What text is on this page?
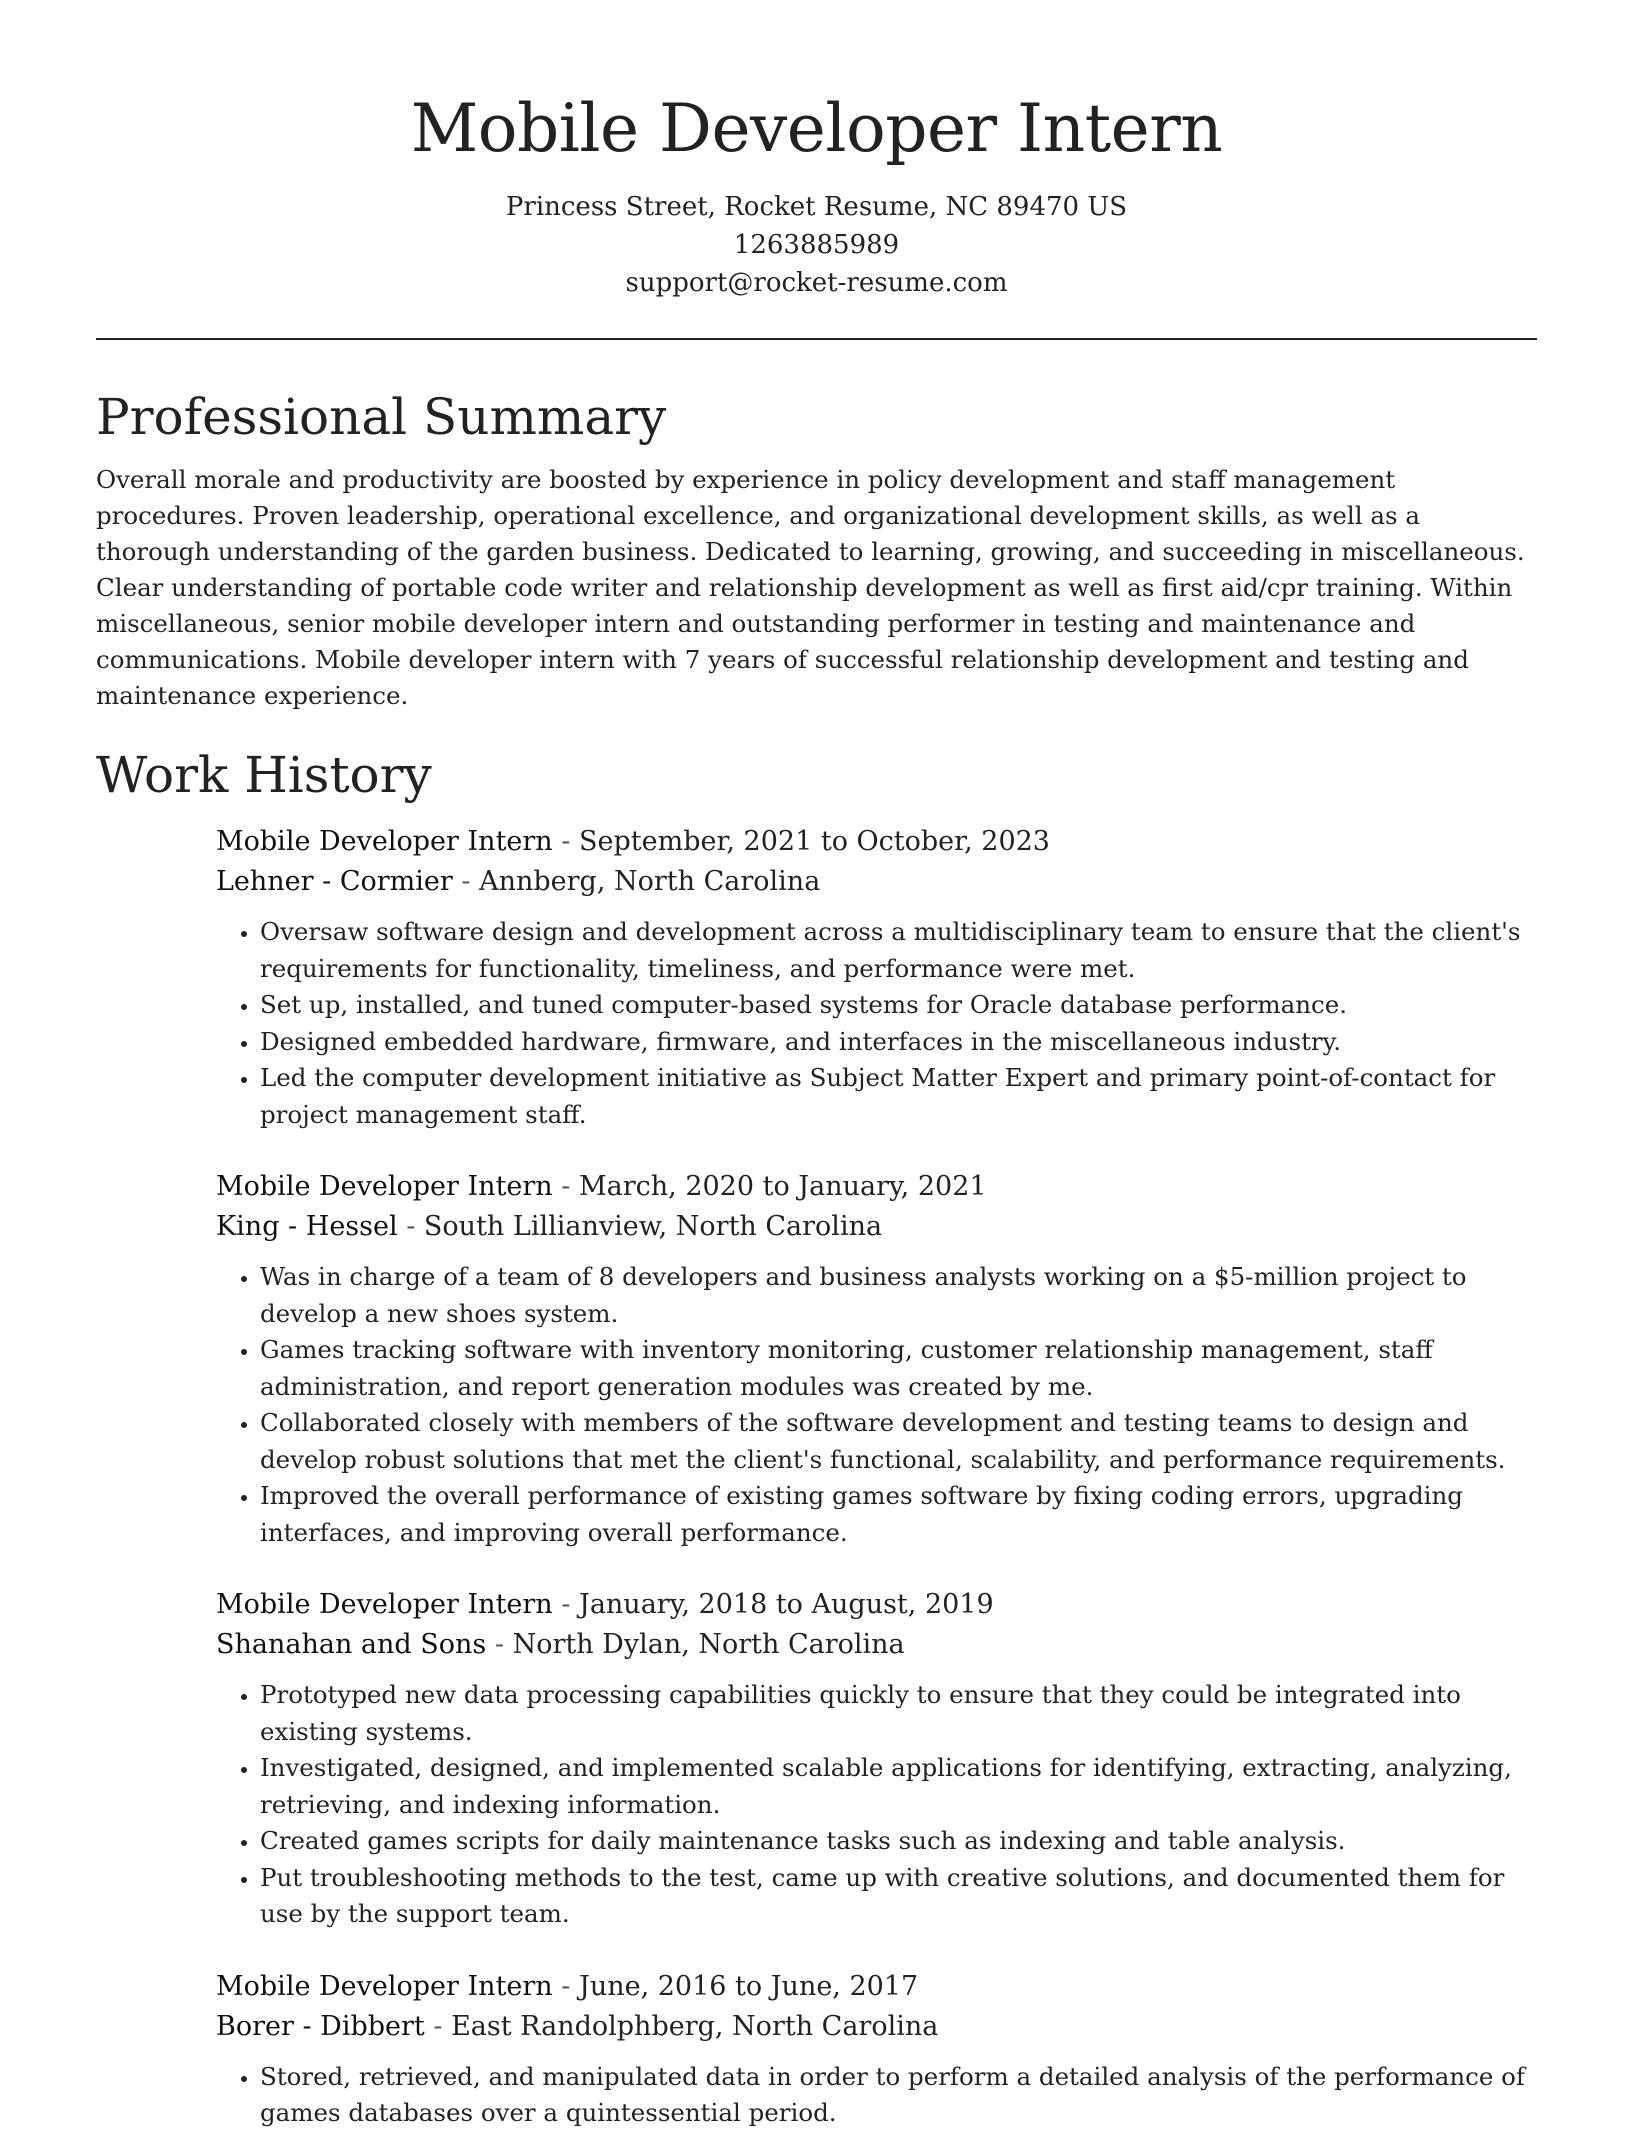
Mobile Developer Intern
Princess Street, Rocket Resume, NC 89470 US
1263885989
support@rocket-resume.com
Professional Summary

Overall morale and productivity are boosted by experience in policy development and staff management procedures. Proven leadership, operational excellence, and organizational development skills, as well as a thorough understanding of the garden business. Dedicated to learning, growing, and succeeding in miscellaneous. Clear understanding of portable code writer and relationship development as well as first aid/cpr training. Within miscellaneous, senior mobile developer intern and outstanding performer in testing and maintenance and communications. Mobile developer intern with 7 years of successful relationship development and testing and maintenance experience.

Work History
Mobile Developer Intern - September, 2021 to October, 2023
Lehner - Cormier - Annberg, North Carolina
• Oversaw software design and development across a multidisciplinary team to ensure that the client's requirements for functionality, timeliness, and performance were met.
• Set up, installed, and tuned computer-based systems for Oracle database performance.
• Designed embedded hardware, firmware, and interfaces in the miscellaneous industry.
• Led the computer development initiative as Subject Matter Expert and primary point-of-contact for project management staff.
Mobile Developer Intern - March, 2020 to January, 2021
King - Hessel - South Lillianview, North Carolina
• Was in charge of a team of 8 developers and business analysts working on a $5-million project to develop a new shoes system.
• Games tracking software with inventory monitoring, customer relationship management, staff administration, and report generation modules was created by me.
• Collaborated closely with members of the software development and testing teams to design and develop robust solutions that met the client's functional, scalability, and performance requirements.
• Improved the overall performance of existing games software by fixing coding errors, upgrading interfaces, and improving overall performance.
Mobile Developer Intern - January, 2018 to August, 2019
Shanahan and Sons - North Dylan, North Carolina
• Prototyped new data processing capabilities quickly to ensure that they could be integrated into existing systems.
• Investigated, designed, and implemented scalable applications for identifying, extracting, analyzing, retrieving, and indexing information.
• Created games scripts for daily maintenance tasks such as indexing and table analysis.
• Put troubleshooting methods to the test, came up with creative solutions, and documented them for use by the support team.
Mobile Developer Intern - June, 2016 to June, 2017
Borer - Dibbert - East Randolphberg, North Carolina
• Stored, retrieved, and manipulated data in order to perform a detailed analysis of the performance of games databases over a quintessential period.
